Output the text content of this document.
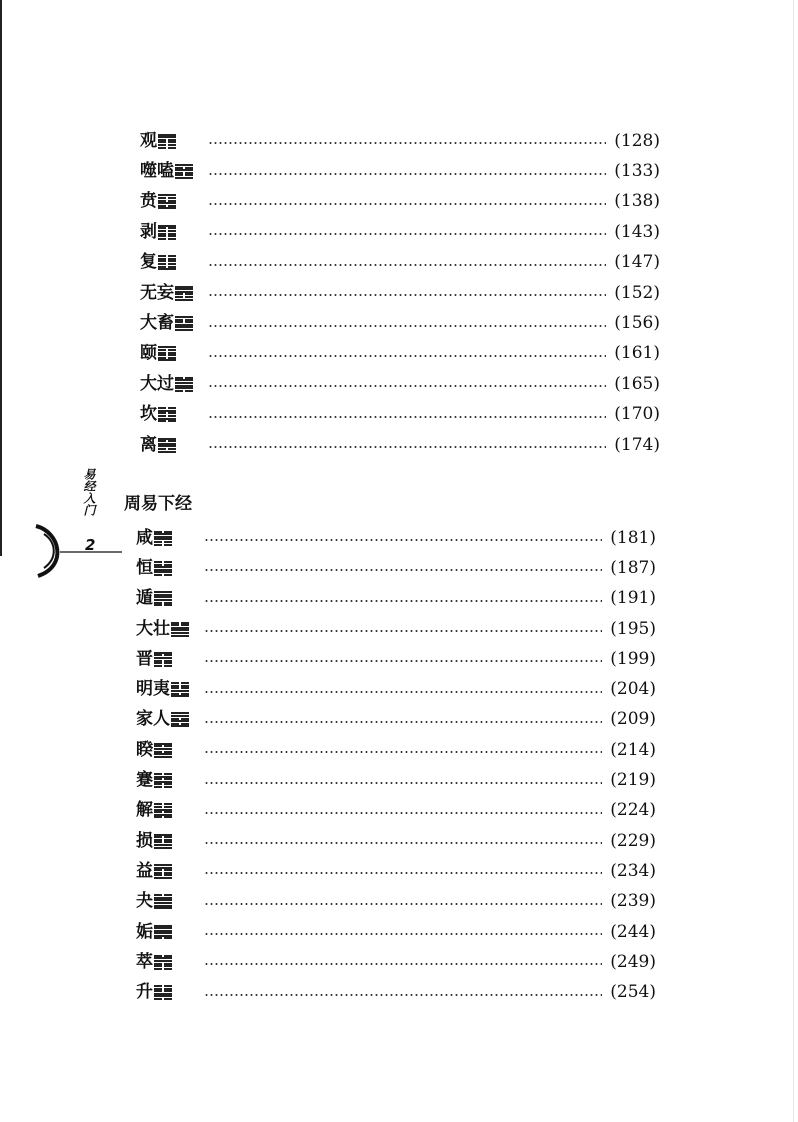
观	(128)
噬嗑	(133)
贲	(138)
剥	(143)
复	(147)
无妄	(152)
大畜	(156)
颐	(161)
大过	(165)
坎	(170)
离	(174)
易经入门
2
周易下经
咸	(181)
恒	(187)
遁	(191)
大壮	(195)
晋	(199)
明夷	(204)
家人	(209)
睽	(214)
蹇	(219)
解	(224)
损	(229)
益	(234)
夬	(239)
姤	(244)
萃	(249)
升	(254)
